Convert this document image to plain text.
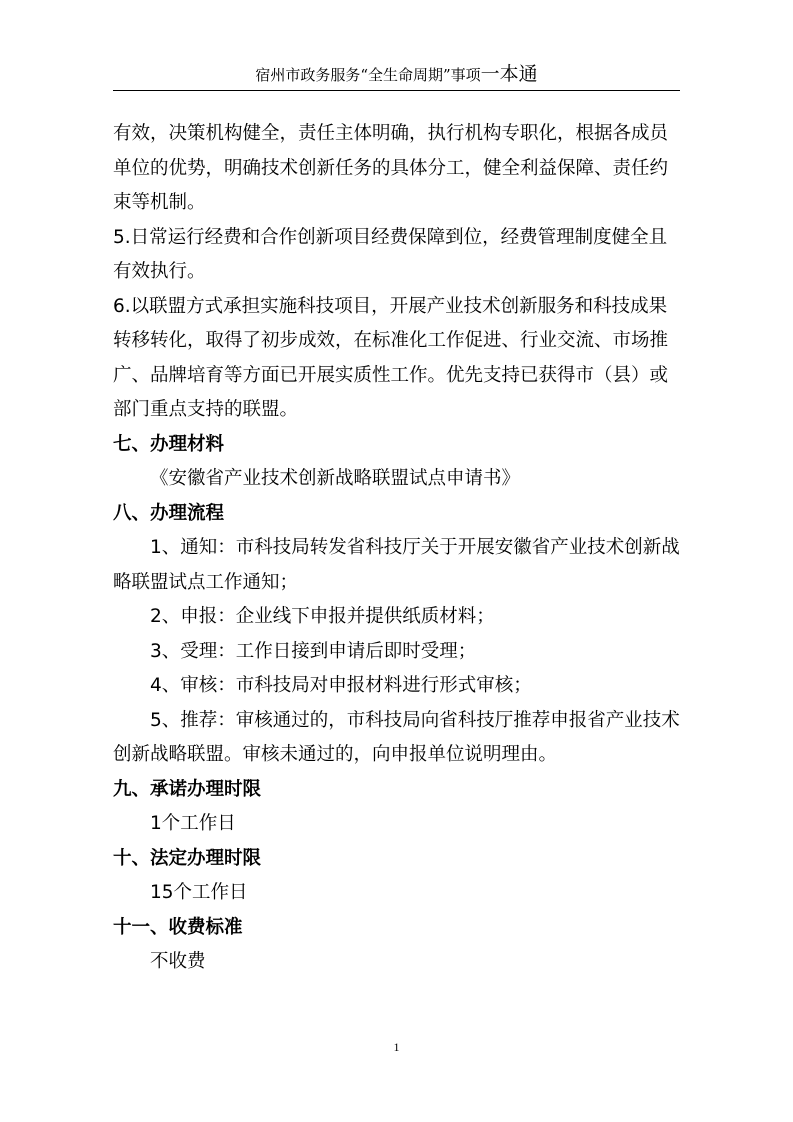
宿州市政务服务“全生命周期”事项一本通

有效，决策机构健全，责任主体明确，执行机构专职化，根据各成员

单位的优势，明确技术创新任务的具体分工，健全利益保障、责任约

束等机制。

5.日常运行经费和合作创新项目经费保障到位，经费管理制度健全且

有效执行。

6.以联盟方式承担实施科技项目，开展产业技术创新服务和科技成果

转移转化，取得了初步成效，在标准化工作促进、行业交流、市场推

广、品牌培育等方面已开展实质性工作。优先支持已获得市（县）或

部门重点支持的联盟。

七、办理材料

《安徽省产业技术创新战略联盟试点申请书》

八、办理流程

1、通知：市科技局转发省科技厅关于开展安徽省产业技术创新战

略联盟试点工作通知；

2、申报：企业线下申报并提供纸质材料；

3、受理：工作日接到申请后即时受理；

4、审核：市科技局对申报材料进行形式审核；

5、推荐：审核通过的，市科技局向省科技厅推荐申报省产业技术

创新战略联盟。审核未通过的，向申报单位说明理由。

九、承诺办理时限

1个工作日

十、法定办理时限

15个工作日

十一、收费标准

不收费

1
